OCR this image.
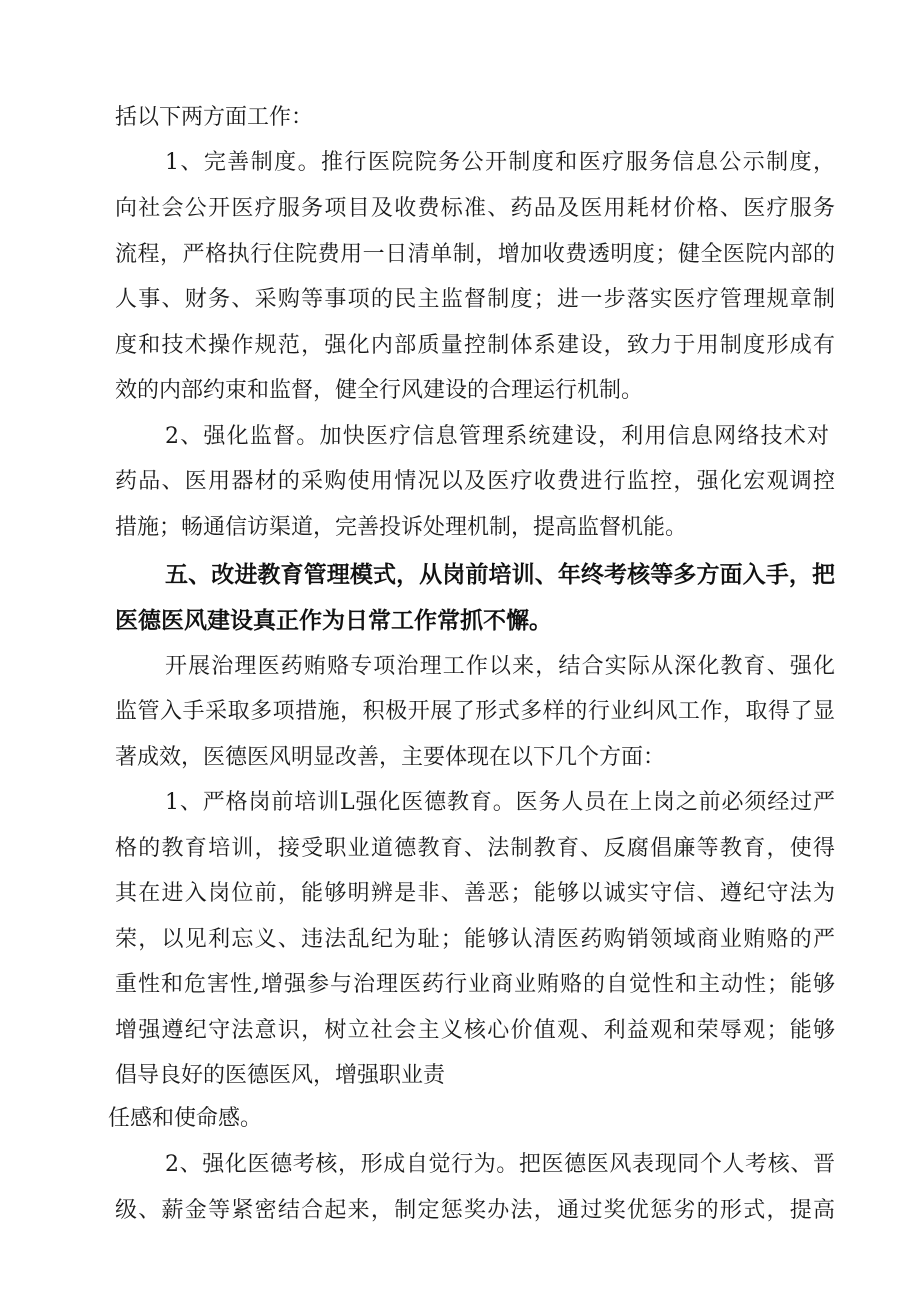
括以下两方面工作：
1、完善制度。推行医院院务公开制度和医疗服务信息公示制度，
向社会公开医疗服务项目及收费标准、药品及医用耗材价格、医疗服务
流程，严格执行住院费用一日清单制，增加收费透明度；健全医院内部的
人事、财务、采购等事项的民主监督制度；进一步落实医疗管理规章制
度和技术操作规范，强化内部质量控制体系建设，致力于用制度形成有
效的内部约束和监督，健全行风建设的合理运行机制。
2、强化监督。加快医疗信息管理系统建设，利用信息网络技术对
药品、医用器材的采购使用情况以及医疗收费进行监控，强化宏观调控
措施；畅通信访渠道，完善投诉处理机制，提高监督机能。
五、改进教育管理模式，从岗前培训、年终考核等多方面入手，把
医德医风建设真正作为日常工作常抓不懈。
开展治理医药贿赂专项治理工作以来，结合实际从深化教育、强化
监管入手采取多项措施，积极开展了形式多样的行业纠风工作，取得了显
著成效，医德医风明显改善，主要体现在以下几个方面：
1、严格岗前培训L强化医德教育。医务人员在上岗之前必须经过严
格的教育培训，接受职业道德教育、法制教育、反腐倡廉等教育，使得
其在进入岗位前，能够明辨是非、善恶；能够以诚实守信、遵纪守法为
荣，以见利忘义、违法乱纪为耻；能够认清医药购销领域商业贿赂的严
重性和危害性,增强参与治理医药行业商业贿赂的自觉性和主动性；能够
增强遵纪守法意识，树立社会主义核心价值观、利益观和荣辱观；能够
倡导良好的医德医风，增强职业责
任感和使命感。
2、强化医德考核，形成自觉行为。把医德医风表现同个人考核、晋
级、薪金等紧密结合起来，制定惩奖办法，通过奖优惩劣的形式，提高
